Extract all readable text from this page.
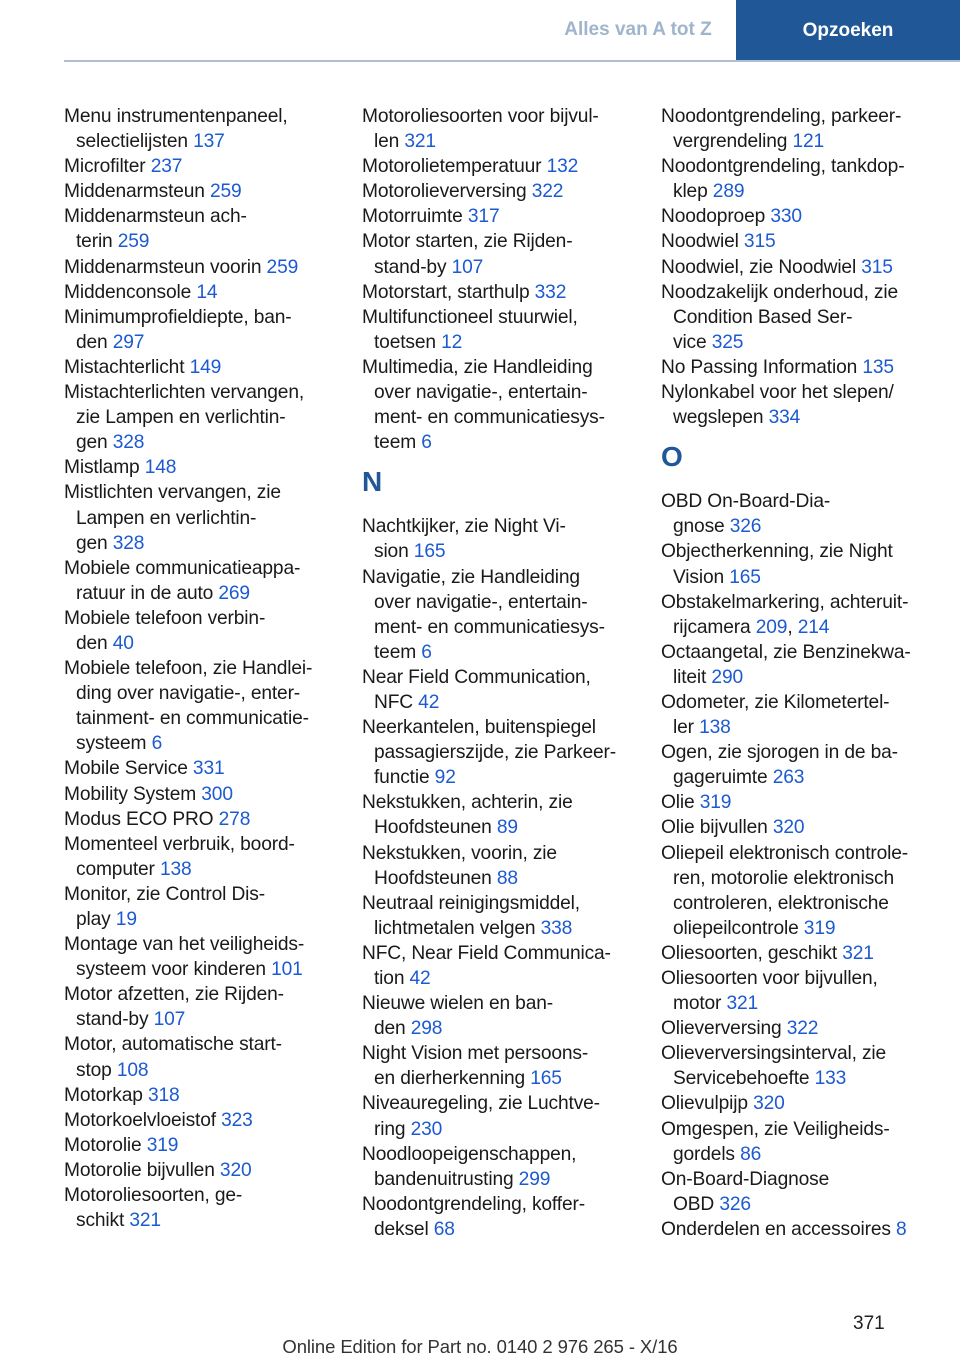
Alles van A tot Z	Opzoeken
Menu instrumentenpaneel,
selectielijsten 137
Microfilter 237
Middenarmsteun 259
Middenarmsteun ach-
terin 259
Middenarmsteun voorin 259
Middenconsole 14
Minimumprofieldiepte, ban-
den 297
Mistachterlicht 149
Mistachterlichten vervangen,
zie Lampen en verlichtin-
gen 328
Mistlamp 148
Mistlichten vervangen, zie
Lampen en verlichtin-
gen 328
Mobiele communicatieappa-
ratuur in de auto 269
Mobiele telefoon verbin-
den 40
Mobiele telefoon, zie Handlei-
ding over navigatie-, enter-
tainment- en communicatie-
systeem 6
Mobile Service 331
Mobility System 300
Modus ECO PRO 278
Momenteel verbruik, boord-
computer 138
Monitor, zie Control Dis-
play 19
Montage van het veiligheids-
systeem voor kinderen 101
Motor afzetten, zie Rijden-
stand-by 107
Motor, automatische start-
stop 108
Motorkap 318
Motorkoelvloeistof 323
Motorolie 319
Motorolie bijvullen 320
Motoroliesoorten, ge-
schikt 321
Motoroliesoorten voor bijvul-
len 321
Motorolietemperatuur 132
Motorolieverversing 322
Motorruimte 317
Motor starten, zie Rijden-
stand-by 107
Motorstart, starthulp 332
Multifunctioneel stuurwiel,
toetsen 12
Multimedia, zie Handleiding
over navigatie-, entertain-
ment- en communicatiesys-
teem 6
N
Nachtkijker, zie Night Vi-
sion 165
Navigatie, zie Handleiding
over navigatie-, entertain-
ment- en communicatiesys-
teem 6
Near Field Communication,
NFC 42
Neerkantelen, buitenspiegel
passagierszijde, zie Parkeer-
functie 92
Nekstukken, achterin, zie
Hoofdsteunen 89
Nekstukken, voorin, zie
Hoofdsteunen 88
Neutraal reinigingsmiddel,
lichtmetalen velgen 338
NFC, Near Field Communica-
tion 42
Nieuwe wielen en ban-
den 298
Night Vision met persoons-
en dierherkenning 165
Niveauregeling, zie Luchtve-
ring 230
Noodloopeigenschappen,
bandenuitrusting 299
Noodontgrendeling, koffer-
deksel 68
Noodontgrendeling, parkeer-
vergrendeling 121
Noodontgrendeling, tankdop-
klep 289
Noodoproep 330
Noodwiel 315
Noodwiel, zie Noodwiel 315
Noodzakelijk onderhoud, zie
Condition Based Ser-
vice 325
No Passing Information 135
Nylonkabel voor het slepen/
wegslepen 334
O
OBD On-Board-Dia-
gnose 326
Objectherkenning, zie Night
Vision 165
Obstakelmarkering, achteruit-
rijcamera 209, 214
Octaangetal, zie Benzinekwa-
liteit 290
Odometer, zie Kilometertel-
ler 138
Ogen, zie sjorogen in de ba-
gageruimte 263
Olie 319
Olie bijvullen 320
Oliepeil elektronisch controle-
ren, motorolie elektronisch
controleren, elektronische
oliepeilcontrole 319
Oliesoorten, geschikt 321
Oliesoorten voor bijvullen,
motor 321
Olieverversing 322
Olieverversingsinterval, zie
Servicebehoefte 133
Olievulpijp 320
Omgespen, zie Veiligheids-
gordels 86
On-Board-Diagnose
OBD 326
Onderdelen en accessoires 8
371
Online Edition for Part no. 0140 2 976 265 - X/16
